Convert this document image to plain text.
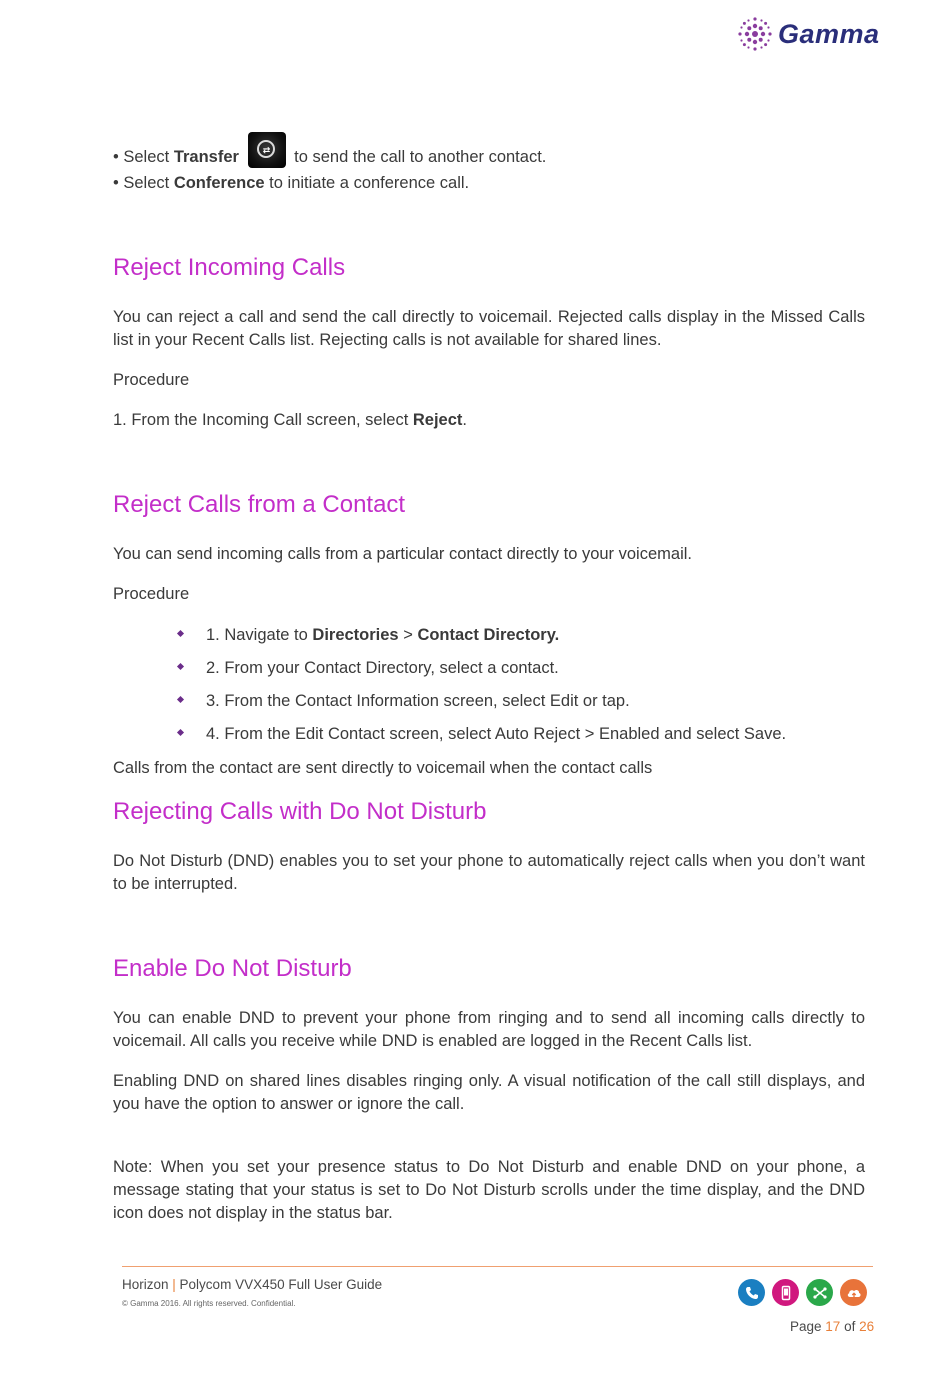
Gamma
• Select Transfer	⇄	to send the call to another contact.
• Select Conference to initiate a conference call.
Reject Incoming Calls
You can reject a call and send the call directly to voicemail. Rejected calls display in the Missed Calls list in your Recent Calls list. Rejecting calls is not available for shared lines.
Procedure
1. From the Incoming Call screen, select Reject.
Reject Calls from a Contact
You can send incoming calls from a particular contact directly to your voicemail.
Procedure
1. Navigate to Directories > Contact Directory.
2. From your Contact Directory, select a contact.
3. From the Contact Information screen, select Edit or tap.
4. From the Edit Contact screen, select Auto Reject > Enabled and select Save.
Calls from the contact are sent directly to voicemail when the contact calls
Rejecting Calls with Do Not Disturb
Do Not Disturb (DND) enables you to set your phone to automatically reject calls when you don’t want to be interrupted.
Enable Do Not Disturb
You can enable DND to prevent your phone from ringing and to send all incoming calls directly to voicemail. All calls you receive while DND is enabled are logged in the Recent Calls list.
Enabling DND on shared lines disables ringing only. A visual notification of the call still displays, and you have the option to answer or ignore the call.
Note: When you set your presence status to Do Not Disturb and enable DND on your phone, a message stating that your status is set to Do Not Disturb scrolls under the time display, and the DND icon does not display in the status bar.
Horizon | Polycom VVX450 Full User Guide
© Gamma 2016. All rights reserved. Confidential.
Page 17 of 26
